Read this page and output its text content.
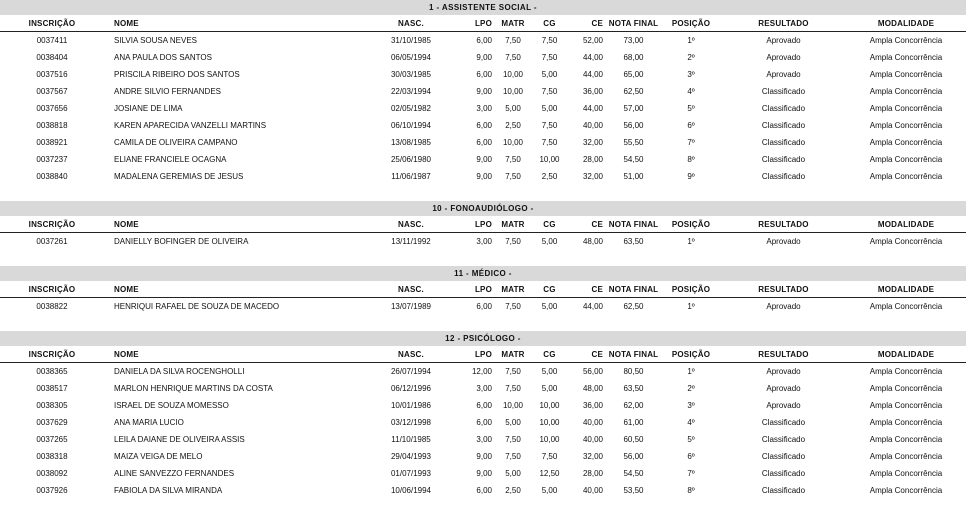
1 - ASSISTENTE SOCIAL -
INSCRIÇÃO	NOME	NASC.	LPO	MATR	CG	CE NOTA FINAL	POSIÇÃO	RESULTADO	MODALIDADE
0037411	SILVIA SOUSA NEVES	31/10/1985	6,00	7,50	7,50	52,00	73,00	1º	Aprovado	Ampla Concorrência
0038404	ANA PAULA DOS SANTOS	06/05/1994	9,00	7,50	7,50	44,00	68,00	2º	Aprovado	Ampla Concorrência
0037516	PRISCILA RIBEIRO DOS SANTOS	30/03/1985	6,00	10,00	5,00	44,00	65,00	3º	Aprovado	Ampla Concorrência
0037567	ANDRE SILVIO FERNANDES	22/03/1994	9,00	10,00	7,50	36,00	62,50	4º	Classificado	Ampla Concorrência
0037656	JOSIANE DE LIMA	02/05/1982	3,00	5,00	5,00	44,00	57,00	5º	Classificado	Ampla Concorrência
0038818	KAREN APARECIDA VANZELLI MARTINS	06/10/1994	6,00	2,50	7,50	40,00	56,00	6º	Classificado	Ampla Concorrência
0038921	CAMILA DE OLIVEIRA CAMPANO	13/08/1985	6,00	10,00	7,50	32,00	55,50	7º	Classificado	Ampla Concorrência
0037237	ELIANE FRANCIELE OCAGNA	25/06/1980	9,00	7,50	10,00	28,00	54,50	8º	Classificado	Ampla Concorrência
0038840	MADALENA GEREMIAS DE JESUS	11/06/1987	9,00	7,50	2,50	32,00	51,00	9º	Classificado	Ampla Concorrência
10 - FONOAUDIÓLOGO -
INSCRIÇÃO	NOME	NASC.	LPO	MATR	CG	CE NOTA FINAL	POSIÇÃO	RESULTADO	MODALIDADE
0037261	DANIELLY BOFINGER DE OLIVEIRA	13/11/1992	3,00	7,50	5,00	48,00	63,50	1º	Aprovado	Ampla Concorrência
11 - MÉDICO -
INSCRIÇÃO	NOME	NASC.	LPO	MATR	CG	CE NOTA FINAL	POSIÇÃO	RESULTADO	MODALIDADE
0038822	HENRIQUI RAFAEL DE SOUZA DE MACEDO	13/07/1989	6,00	7,50	5,00	44,00	62,50	1º	Aprovado	Ampla Concorrência
12 - PSICÓLOGO -
INSCRIÇÃO	NOME	NASC.	LPO	MATR	CG	CE NOTA FINAL	POSIÇÃO	RESULTADO	MODALIDADE
0038365	DANIELA DA SILVA ROCENGHOLLI	26/07/1994	12,00	7,50	5,00	56,00	80,50	1º	Aprovado	Ampla Concorrência
0038517	MARLON HENRIQUE MARTINS DA COSTA	06/12/1996	3,00	7,50	5,00	48,00	63,50	2º	Aprovado	Ampla Concorrência
0038305	ISRAEL DE SOUZA MOMESSO	10/01/1986	6,00	10,00	10,00	36,00	62,00	3º	Aprovado	Ampla Concorrência
0037629	ANA MARIA LUCIO	03/12/1998	6,00	5,00	10,00	40,00	61,00	4º	Classificado	Ampla Concorrência
0037265	LEILA DAIANE DE OLIVEIRA ASSIS	11/10/1985	3,00	7,50	10,00	40,00	60,50	5º	Classificado	Ampla Concorrência
0038318	MAIZA VEIGA DE MELO	29/04/1993	9,00	7,50	7,50	32,00	56,00	6º	Classificado	Ampla Concorrência
0038092	ALINE SANVEZZO FERNANDES	01/07/1993	9,00	5,00	12,50	28,00	54,50	7º	Classificado	Ampla Concorrência
0037926	FABIOLA DA SILVA MIRANDA	10/06/1994	6,00	2,50	5,00	40,00	53,50	8º	Classificado	Ampla Concorrência
